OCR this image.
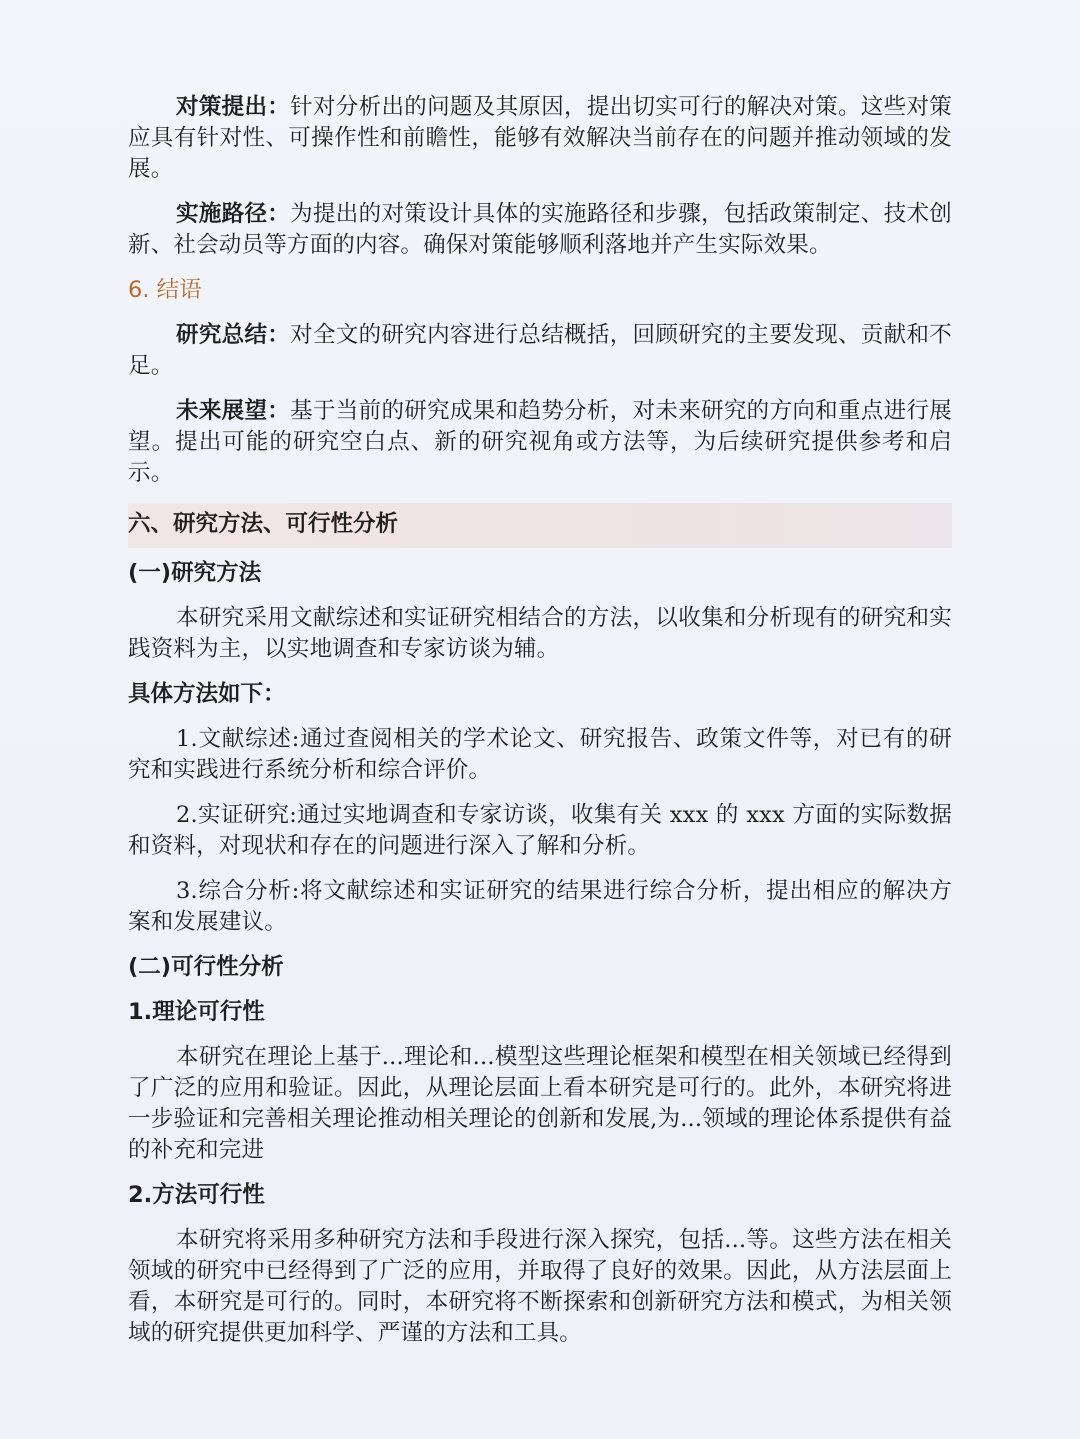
对策提出：针对分析出的问题及其原因，提出切实可行的解决对策。这些对策应具有针对性、可操作性和前瞻性，能够有效解决当前存在的问题并推动领域的发展。

实施路径：为提出的对策设计具体的实施路径和步骤，包括政策制定、技术创新、社会动员等方面的内容。确保对策能够顺利落地并产生实际效果。

6. 结语

研究总结：对全文的研究内容进行总结概括，回顾研究的主要发现、贡献和不足。

未来展望：基于当前的研究成果和趋势分析，对未来研究的方向和重点进行展望。提出可能的研究空白点、新的研究视角或方法等，为后续研究提供参考和启示。

六、研究方法、可行性分析
(一)研究方法

本研究采用文献综述和实证研究相结合的方法，以收集和分析现有的研究和实践资料为主，以实地调查和专家访谈为辅。

具体方法如下：

1.文献综述:通过查阅相关的学术论文、研究报告、政策文件等，对已有的研究和实践进行系统分析和综合评价。

2.实证研究:通过实地调查和专家访谈，收集有关 xxx 的 xxx 方面的实际数据和资料，对现状和存在的问题进行深入了解和分析。

3.综合分析:将文献综述和实证研究的结果进行综合分析，提出相应的解决方案和发展建议。

(二)可行性分析
1.理论可行性

本研究在理论上基于...理论和...模型这些理论框架和模型在相关领域已经得到了广泛的应用和验证。因此，从理论层面上看本研究是可行的。此外，本研究将进一步验证和完善相关理论推动相关理论的创新和发展,为...领域的理论体系提供有益的补充和完进

2.方法可行性

本研究将采用多种研究方法和手段进行深入探究，包括...等。这些方法在相关领域的研究中已经得到了广泛的应用，并取得了良好的效果。因此，从方法层面上看，本研究是可行的。同时，本研究将不断探索和创新研究方法和模式，为相关领域的研究提供更加科学、严谨的方法和工具。
